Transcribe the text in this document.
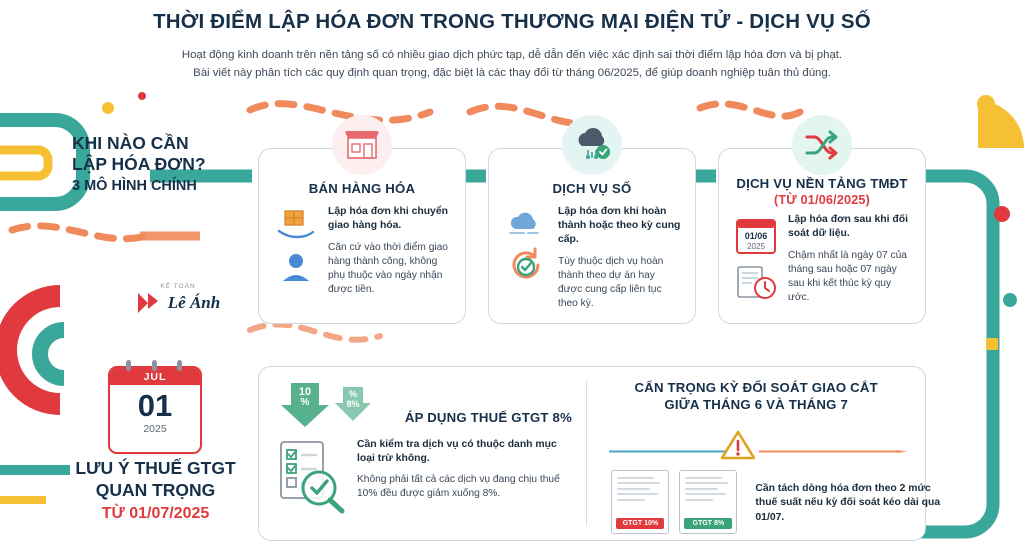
THỜI ĐIỂM LẬP HÓA ĐƠN TRONG THƯƠNG MẠI ĐIỆN TỬ - DỊCH VỤ SỐ
Hoạt động kinh doanh trên nền tảng số có nhiều giao dịch phức tạp, dễ dẫn đến việc xác định sai thời điểm lập hóa đơn và bị phạt.
Bài viết này phân tích các quy định quan trọng, đặc biệt là các thay đổi từ tháng 06/2025, để giúp doanh nghiệp tuân thủ đúng.
KHI NÀO CẦN
LẬP HÓA ĐƠN?
3 MÔ HÌNH CHÍNH
KẾ TOÁN
Lê Ánh
BÁN HÀNG HÓA
Lập hóa đơn khi chuyển giao hàng hóa.
Căn cứ vào thời điểm giao hàng thành công, không phụ thuộc vào ngày nhận được tiền.
DỊCH VỤ SỐ
Lập hóa đơn khi hoàn thành hoặc theo kỳ cung cấp.
Tùy thuộc dịch vụ hoàn thành theo dự án hay được cung cấp liên tục theo kỳ.
DỊCH VỤ NỀN TẢNG TMĐT
(TỪ 01/06/2025)
01/06
2025
Lập hóa đơn sau khi đối soát dữ liệu.
Chậm nhất là ngày 07 của tháng sau hoặc 07 ngày sau khi kết thúc kỳ quy ước.
JUL
01
2025
LƯU Ý THUẾ GTGT
QUAN TRỌNG
TỪ 01/07/2025
10
%
%
8%
ÁP DỤNG THUẾ GTGT 8%
Cần kiểm tra dịch vụ có thuộc danh mục loại trừ không.
Không phải tất cả các dịch vụ đang chịu thuế 10% đều được giảm xuống 8%.
CẨN TRỌNG KỲ ĐỐI SOÁT GIAO CẮT
GIỮA THÁNG 6 VÀ THÁNG 7
GTGT 10%	GTGT 8%
Cần tách dòng hóa đơn theo 2 mức thuế suất nếu kỳ đối soát kéo dài qua 01/07.
